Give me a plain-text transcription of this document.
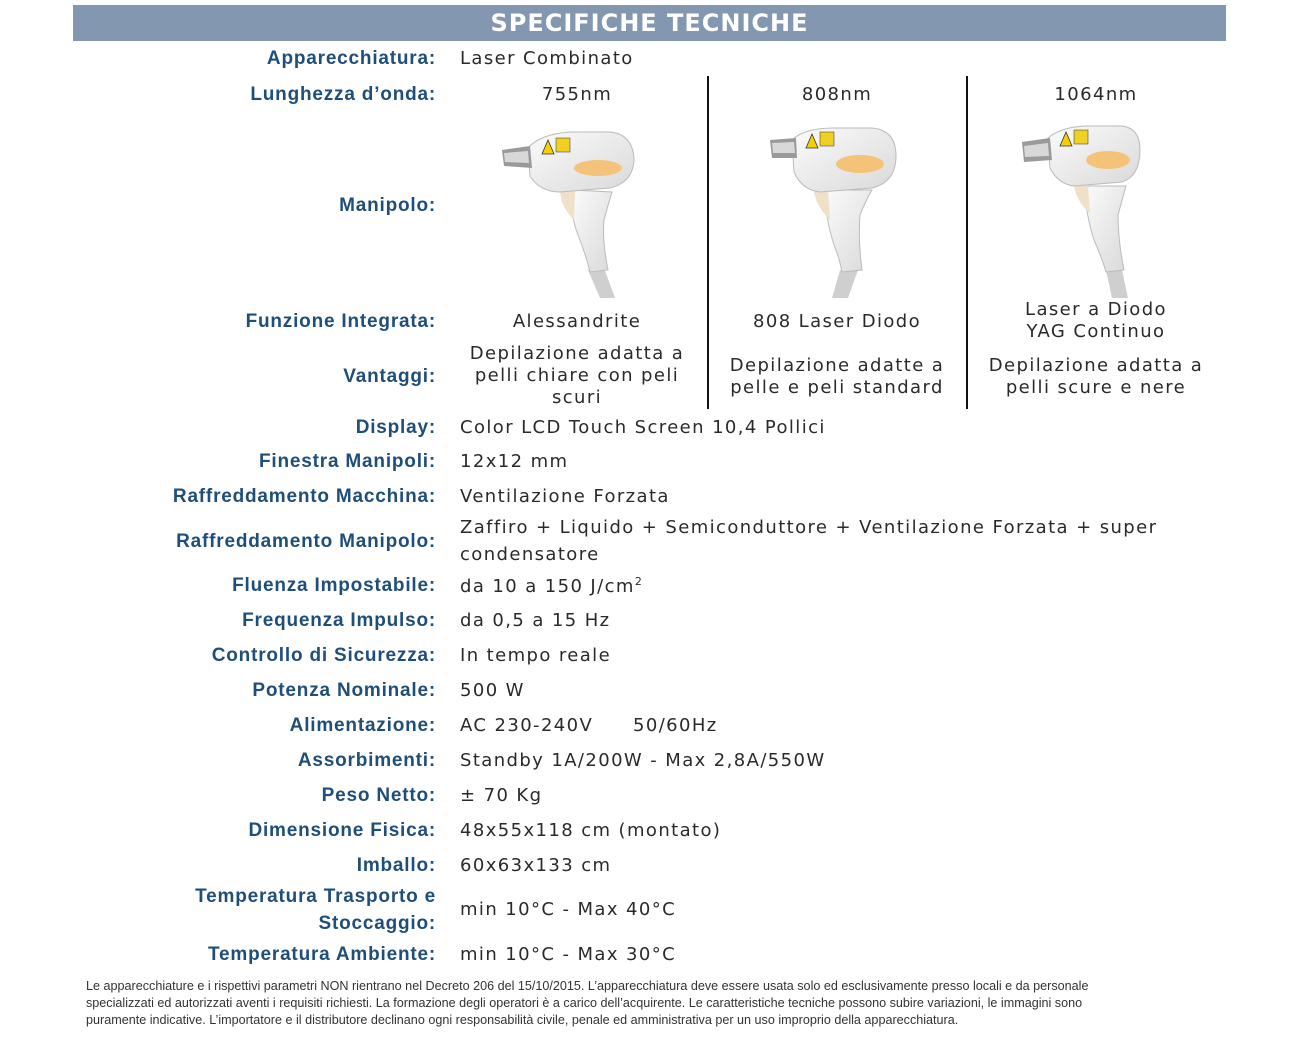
SPECIFICHE TECNICHE
Apparecchiatura:
Lunghezza d’onda:
Manipolo:
Funzione Integrata:
Vantaggi:
Display:
Finestra Manipoli:
Raffreddamento Macchina:
Raffreddamento Manipolo:
Fluenza Impostabile:
Frequenza Impulso:
Controllo di Sicurezza:
Potenza Nominale:
Alimentazione:
Assorbimenti:
Peso Netto:
Dimensione Fisica:
Imballo:
Temperatura Trasporto e
Stoccaggio:
Temperatura Ambiente:
Laser Combinato
Color LCD Touch Screen 10,4 Pollici
12x12 mm
Ventilazione Forzata
Zaffiro + Liquido + Semiconduttore + Ventilazione Forzata + super
condensatore
da 10 a 150 $J/cm^2$
da 0,5 a 15 Hz
In tempo reale
500 W
AC 230-240V 50/60Hz
Standby 1A/200W - Max 2,8A/550W
± 70 Kg
48x55x118 cm (montato)
60x63x133 cm
min 10°C - Max 40°C
min 10°C - Max 30°C
755nm
Alessandrite
Depilazione adatta a
pelli chiare con peli
scuri
808nm
808 Laser Diodo
Depilazione adatte a
pelle e peli standard
1064nm
Laser a Diodo
YAG Continuo
Depilazione adatta a
pelli scure e nere
Le apparecchiature e i rispettivi parametri NON rientrano nel Decreto 206 del 15/10/2015. L’apparecchiatura deve essere usata solo ed esclusivamente presso locali e da personale
specializzati ed autorizzati aventi i requisiti richiesti. La formazione degli operatori è a carico dell’acquirente. Le caratteristiche tecniche possono subire variazioni, le immagini sono
puramente indicative. L’importatore e il distributore declinano ogni responsabilità civile, penale ed amministrativa per un uso improprio della apparecchiatura.
